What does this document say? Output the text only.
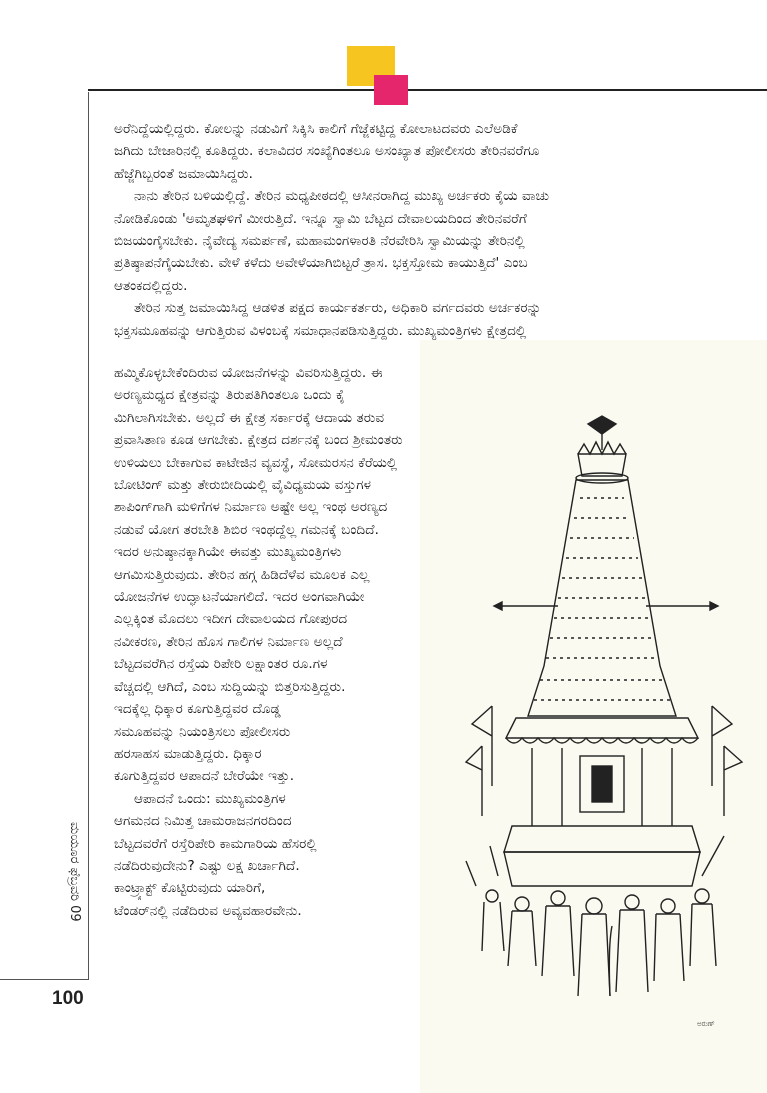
ಅರೆನಿದ್ದೆಯಲ್ಲಿದ್ದರು. ಕೋಲನ್ನು ನಡುವಿಗೆ ಸಿಕ್ಕಿಸಿ ಕಾಲಿಗೆ ಗೆಜ್ಜೆಕಟ್ಟಿದ್ದ ಕೋಲಾಟದವರು ಎಲೆಅಡಿಕೆ
ಜಗಿದು ಬೇಜಾರಿನಲ್ಲಿ ಕೂತಿದ್ದರು. ಕಲಾವಿದರ ಸಂಖ್ಯೆಗಿಂತಲೂ ಅಸಂಖ್ಯಾತ ಪೋಲೀಸರು ತೇರಿನವರೆಗೂ
ಹೆಜ್ಜೆಗಿಬ್ಬರಂತೆ ಜಮಾಯಿಸಿದ್ದರು.
ನಾನು ತೇರಿನ ಬಳಿಯಲ್ಲಿದ್ದೆ. ತೇರಿನ ಮಧ್ಯಪೀಠದಲ್ಲಿ ಆಸೀನರಾಗಿದ್ದ ಮುಖ್ಯ ಅರ್ಚಕರು ಕೈಯ ವಾಚು
ನೋಡಿಕೊಂಡು 'ಅಮೃತಘಳಿಗೆ ಮೀರುತ್ತಿದೆ. ಇನ್ನೂ ಸ್ವಾಮಿ ಬೆಟ್ಟದ ದೇವಾಲಯದಿಂದ ತೇರಿನವರೆಗೆ
ಬಿಜಯಂಗೈಸಬೇಕು. ನೈವೇದ್ಯ ಸಮರ್ಪಣೆ, ಮಹಾಮಂಗಳಾರತಿ ನೆರವೇರಿಸಿ ಸ್ವಾಮಿಯನ್ನು ತೇರಿನಲ್ಲಿ
ಪ್ರತಿಷ್ಠಾಪನೆಗೈಯಬೇಕು. ವೇಳೆ ಕಳೆದು ಅವೇಳೆಯಾಗಿಬಿಟ್ಟರೆ ತ್ರಾಸ. ಭಕ್ತಸ್ತೋಮ ಕಾಯುತ್ತಿದೆ' ಎಂಬ
ಆತಂಕದಲ್ಲಿದ್ದರು.
ತೇರಿನ ಸುತ್ತ ಜಮಾಯಿಸಿದ್ದ ಆಡಳಿತ ಪಕ್ಷದ ಕಾರ್ಯಕರ್ತರು, ಅಧಿಕಾರಿ ವರ್ಗದವರು ಅರ್ಚಕರನ್ನು
ಭಕ್ತಸಮೂಹವನ್ನು ಆಗುತ್ತಿರುವ ವಿಳಂಬಕ್ಕೆ ಸಮಾಧಾನಪಡಿಸುತ್ತಿದ್ದರು. ಮುಖ್ಯಮಂತ್ರಿಗಳು ಕ್ಷೇತ್ರದಲ್ಲಿ
ಹಮ್ಮಿಕೊಳ್ಳಬೇಕೆಂದಿರುವ ಯೋಜನೆಗಳನ್ನು ವಿವರಿಸುತ್ತಿದ್ದರು. ಈ
ಅರಣ್ಯಮಧ್ಯದ ಕ್ಷೇತ್ರವನ್ನು ತಿರುಪತಿಗಿಂತಲೂ ಒಂದು ಕೈ
ಮಿಗಿಲಾಗಿಸಬೇಕು. ಅಲ್ಲದೆ ಈ ಕ್ಷೇತ್ರ ಸರ್ಕಾರಕ್ಕೆ ಆದಾಯ ತರುವ
ಪ್ರವಾಸಿತಾಣ ಕೂಡ ಆಗಬೇಕು. ಕ್ಷೇತ್ರದ ದರ್ಶನಕ್ಕೆ ಬಂದ ಶ್ರೀಮಂತರು
ಉಳಿಯಲು ಬೇಕಾಗುವ ಕಾಟೇಜಿನ ವ್ಯವಸ್ಥೆ, ಸೋಮರಸನ ಕೆರೆಯಲ್ಲಿ
ಬೋಟಿಂಗ್ ಮತ್ತು ತೇರುಬೀದಿಯಲ್ಲಿ ವೈವಿಧ್ಯಮಯ ವಸ್ತುಗಳ
ಶಾಪಿಂಗ್‌ಗಾಗಿ ಮಳಿಗೆಗಳ ನಿರ್ಮಾಣ ಅಷ್ಟೇ ಅಲ್ಲ ಇಂಥ ಅರಣ್ಯದ
ನಡುವೆ ಯೋಗ ತರಬೇತಿ ಶಿಬಿರ ಇಂಥದ್ದೆಲ್ಲ ಗಮನಕ್ಕೆ ಬಂದಿದೆ.
ಇದರ ಅನುಷ್ಠಾನಕ್ಕಾಗಿಯೇ ಈವತ್ತು ಮುಖ್ಯಮಂತ್ರಿಗಳು
ಆಗಮಿಸುತ್ತಿರುವುದು. ತೇರಿನ ಹಗ್ಗ ಹಿಡಿದೆಳೆವ ಮೂಲಕ ಎಲ್ಲ
ಯೋಜನೆಗಳ ಉದ್ಘಾಟನೆಯಾಗಲಿದೆ. ಇದರ ಅಂಗವಾಗಿಯೇ
ಎಲ್ಲಕ್ಕಿಂತ ಮೊದಲು ಇದೀಗ ದೇವಾಲಯದ ಗೋಪುರದ
ನವೀಕರಣ, ತೇರಿನ ಹೊಸ ಗಾಲಿಗಳ ನಿರ್ಮಾಣ ಅಲ್ಲದೆ
ಬೆಟ್ಟದವರೆಗಿನ ರಸ್ತೆಯ ರಿಪೇರಿ ಲಕ್ಷಾಂತರ ರೂ.ಗಳ
ವೆಚ್ಚದಲ್ಲಿ ಆಗಿದೆ, ಎಂಬ ಸುದ್ದಿಯನ್ನು ಬಿತ್ತರಿಸುತ್ತಿದ್ದರು.
ಇದಕ್ಕೆಲ್ಲ ಧಿಕ್ಕಾರ ಕೂಗುತ್ತಿದ್ದವರ ದೊಡ್ಡ
ಸಮೂಹವನ್ನು ನಿಯಂತ್ರಿಸಲು ಪೋಲೀಸರು
ಹರಸಾಹಸ ಮಾಡುತ್ತಿದ್ದರು. ಧಿಕ್ಕಾರ
ಕೂಗುತ್ತಿದ್ದವರ ಆಪಾದನೆ ಬೇರೆಯೇ ಇತ್ತು.
ಆಪಾದನೆ ಒಂದು: ಮುಖ್ಯಮಂತ್ರಿಗಳ
ಆಗಮನದ ನಿಮಿತ್ತ ಚಾಮರಾಜನಗರದಿಂದ
ಬೆಟ್ಟದವರೆಗೆ ರಸ್ತೆರಿಪೇರಿ ಕಾಮಗಾರಿಯ ಹೆಸರಲ್ಲಿ
ನಡೆದಿರುವುದೇನು? ಎಷ್ಟು ಲಕ್ಷ ಖರ್ಚಾಗಿದೆ.
ಕಾಂಟ್ರ್ಯಾಕ್ಟ್ ಕೊಟ್ಟಿರುವುದು ಯಾರಿಗೆ,
ಟೆಂಡರ್‌ನಲ್ಲಿ ನಡೆದಿರುವ ಅವ್ಯವಹಾರವೇನು.
ಮಯೂರ ಫೆಬ್ರವರಿ 09
100
ಅರುಣ್
